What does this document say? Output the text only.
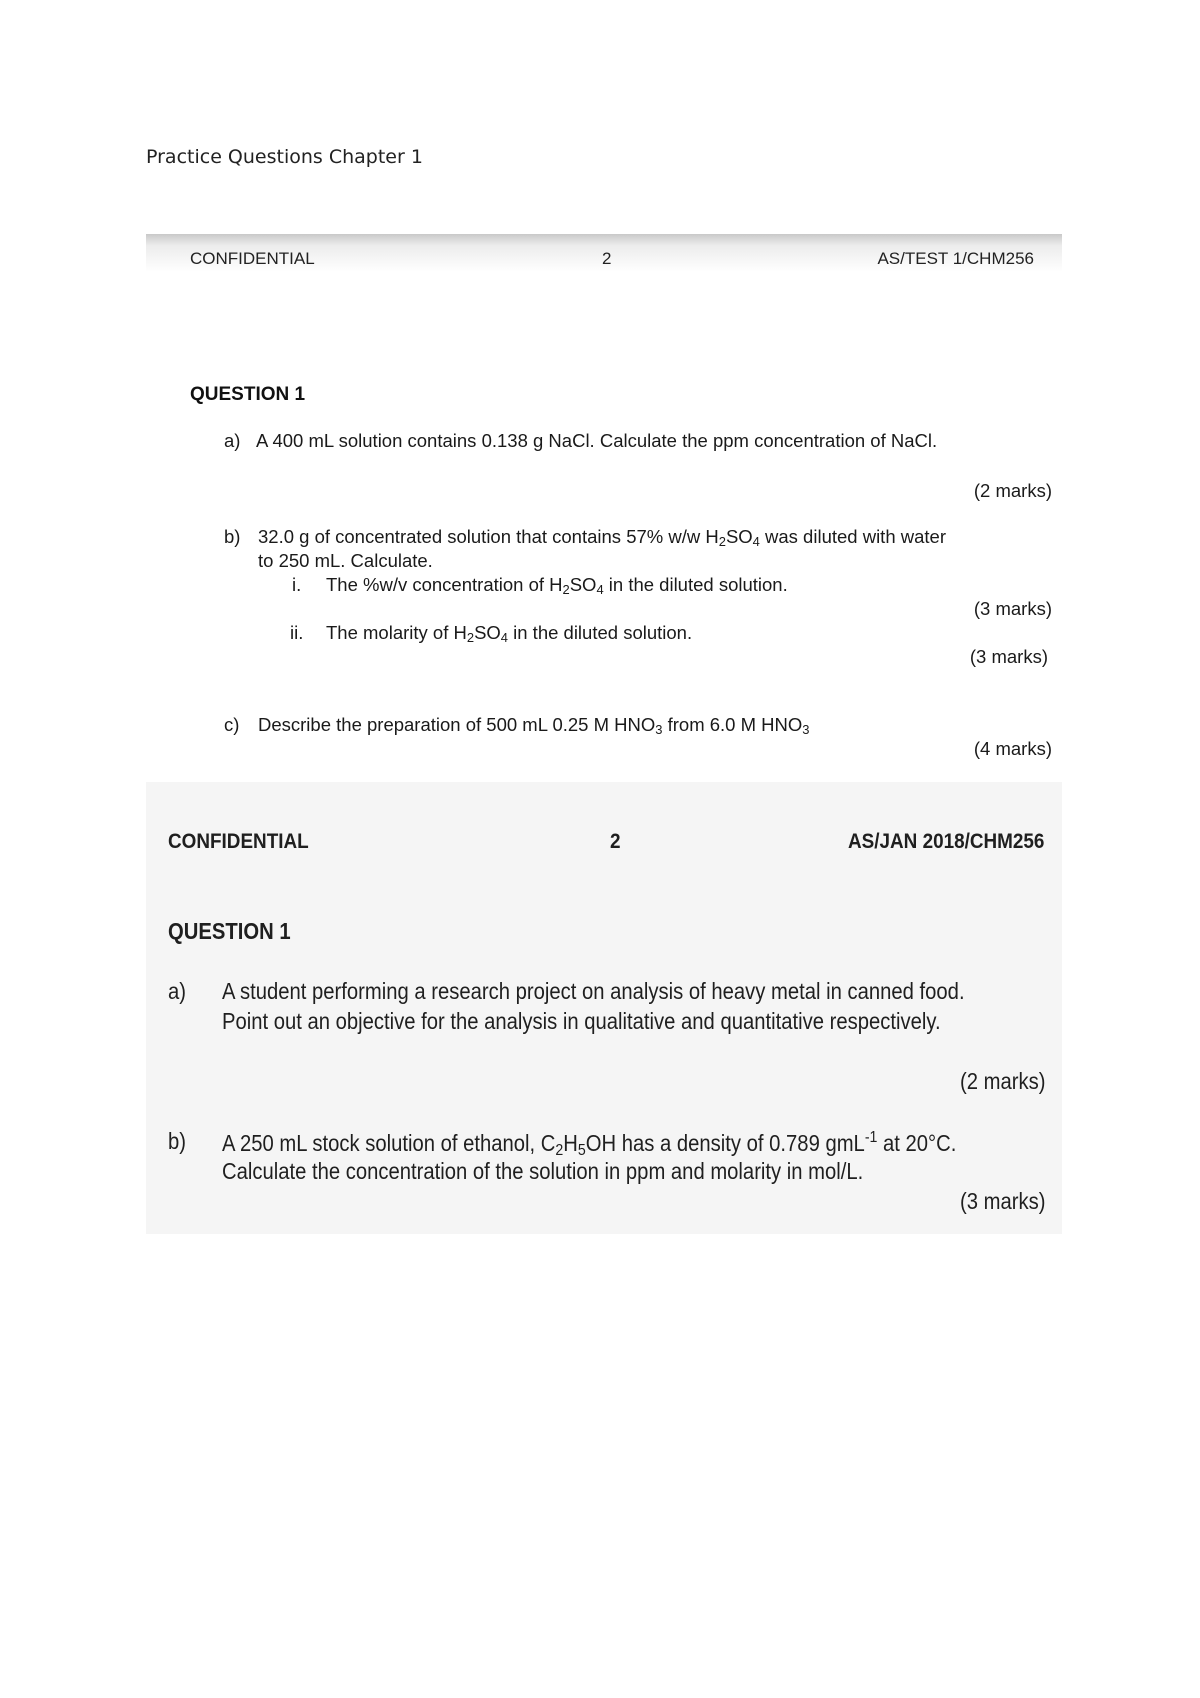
Practice Questions Chapter 1
CONFIDENTIAL	2	AS/TEST 1/CHM256
QUESTION 1
a) A 400 mL solution contains 0.138 g NaCl. Calculate the ppm concentration of NaCl.
(2 marks)
b) 32.0 g of concentrated solution that contains 57% w/w $H_2SO_4$ was diluted with water
to 250 mL. Calculate.
i. The %w/v concentration of $H_2SO_4$ in the diluted solution.
(3 marks)
ii. The molarity of $H_2SO_4$ in the diluted solution.
(3 marks)
c) Describe the preparation of 500 mL 0.25 M $HNO_3$ from 6.0 M $HNO_3$
(4 marks)
CONFIDENTIAL	2	AS/JAN 2018/CHM256
QUESTION 1
a) A student performing a research project on analysis of heavy metal in canned food.
Point out an objective for the analysis in qualitative and quantitative respectively.
(2 marks)
b) A 250 mL stock solution of ethanol, $C_2H_5OH$ has a density of 0.789 gmL$^{-1}$ at 20°C.
Calculate the concentration of the solution in ppm and molarity in mol/L.
(3 marks)
